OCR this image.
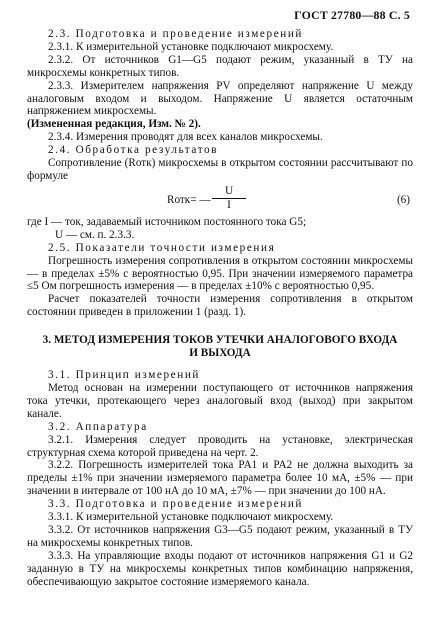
ГОСТ 27780—88 С. 5

2.3. Подготовка и проведение измерений

2.3.1. К измерительной установке подключают микросхему.

2.3.2. От источников G1—G5 подают режим, указанный в ТУ на микросхемы конкретных типов.

2.3.3. Измерителем напряжения PV определяют напряжение U между аналоговым входом и выходом. Напряжение U является остаточным напряжением микросхемы.

(Измененная редакция, Изм. № 2).

2.3.4. Измерения проводят для всех каналов микросхемы.

2.4. Обработка результатов

Сопротивление (Rотк) микросхемы в открытом состоянии рассчитывают по формуле

Rотк= — $\frac{U}{I}$	(6)

где I — ток, задаваемый источником постоянного тока G5;

U — см. п. 2.3.3.

2.5. Показатели точности измерения

Погрешность измерения сопротивления в открытом состоянии микросхемы — в пределах ±5% с вероятностью 0,95. При значении измеряемого параметра ≤5 Ом погрешность измерения — в пределах ±10% с вероятностью 0,95.

Расчет показателей точности измерения сопротивления в открытом состоянии приведен в приложении 1 (разд. 1).

3. МЕТОД ИЗМЕРЕНИЯ ТОКОВ УТЕЧКИ АНАЛОГОВОГО ВХОДА И ВЫХОДА

3.1. Принцип измерений

Метод основан на измерении поступающего от источников напряжения тока утечки, протекающего через аналоговый вход (выход) при закрытом канале.

3.2. Аппаратура

3.2.1. Измерения следует проводить на установке, электрическая структурная схема которой приведена на черт. 2.

3.2.2. Погрешность измерителей тока PA1 и PA2 не должна выходить за пределы ±1% при значении измеряемого параметра более 10 мА, ±5% — при значении в интервале от 100 нА до 10 мА, ±7% — при значении до 100 нА.

3.3. Подготовка и проведение измерений

3.3.1. К измерительной установке подключают микросхему.

3.3.2. От источников напряжения G3—G5 подают режим, указанный в ТУ на микросхемы конкретных типов.

3.3.3. На управляющие входы подают от источников напряжения G1 и G2 заданную в ТУ на микросхемы конкретных типов комбинацию напряжения, обеспечивающую закрытое состояние измеряемого канала.
